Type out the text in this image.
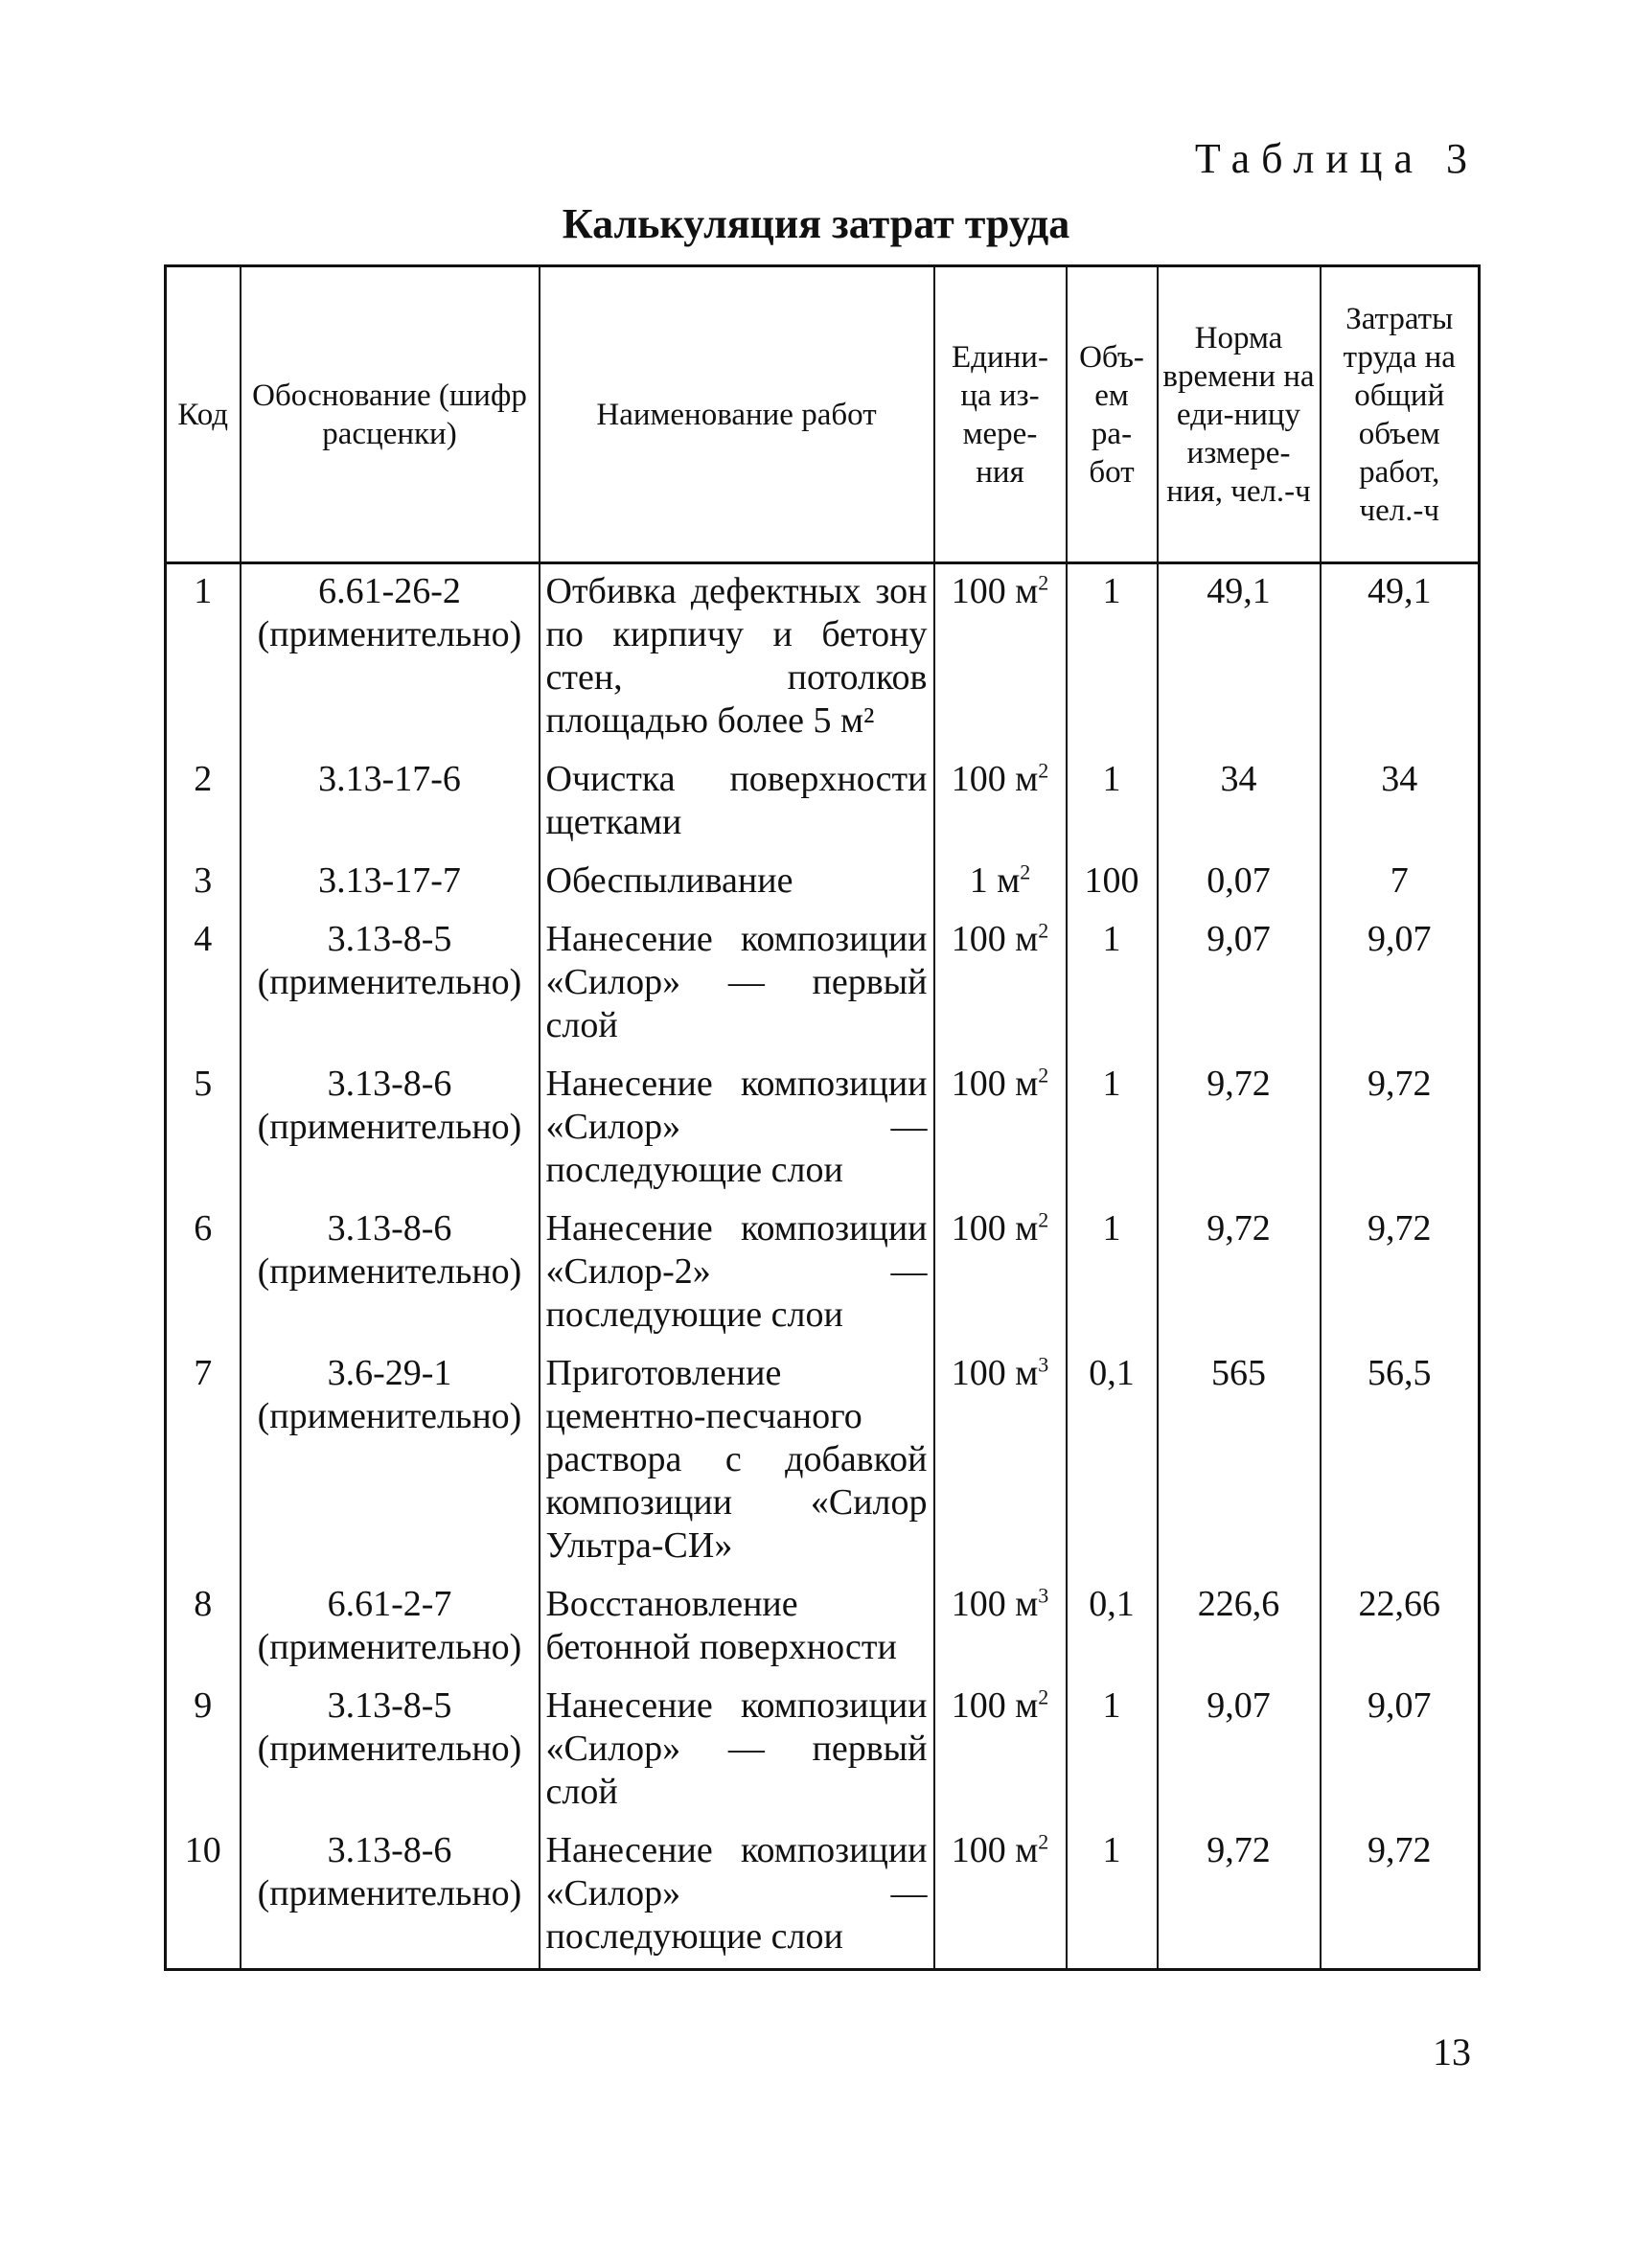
Таблица 3
Калькуляция затрат труда
Код	Обоснование (шифр расценки)	Наименование работ	Едини-ца из-мере-ния	Объ-ем ра-бот	Норма времени на еди-ницу измере-ния, чел.-ч	Затраты труда на общий объем работ, чел.-ч
1	6.61-26-2
(применительно)	Отбивка дефектных зон по кирпичу и бетону стен, потолков площадью более 5 м²	100 $м^2$	1	49,1	49,1
2	3.13-17-6	Очистка поверхности щетками	100 $м^2$	1	34	34
3	3.13-17-7	Обеспыливание	1 $м^2$	100	0,07	7
4	3.13-8-5
(применительно)	Нанесение композиции «Силор» — первый слой	100 $м^2$	1	9,07	9,07
5	3.13-8-6
(применительно)	Нанесение композиции «Силор» — последующие слои	100 $м^2$	1	9,72	9,72
6	3.13-8-6
(применительно)	Нанесение композиции «Силор-2» — последующие слои	100 $м^2$	1	9,72	9,72
7	3.6-29-1
(применительно)	Приготовление цементно-песчаного раствора с добавкой композиции «Силор Ультра-СИ»	100 $м^3$	0,1	565	56,5
8	6.61-2-7
(применительно)	Восстановление бетонной поверхности	100 $м^3$	0,1	226,6	22,66
9	3.13-8-5
(применительно)	Нанесение композиции «Силор» — первый слой	100 $м^2$	1	9,07	9,07
10	3.13-8-6
(применительно)	Нанесение композиции «Силор» — последующие слои	100 $м^2$	1	9,72	9,72
13
